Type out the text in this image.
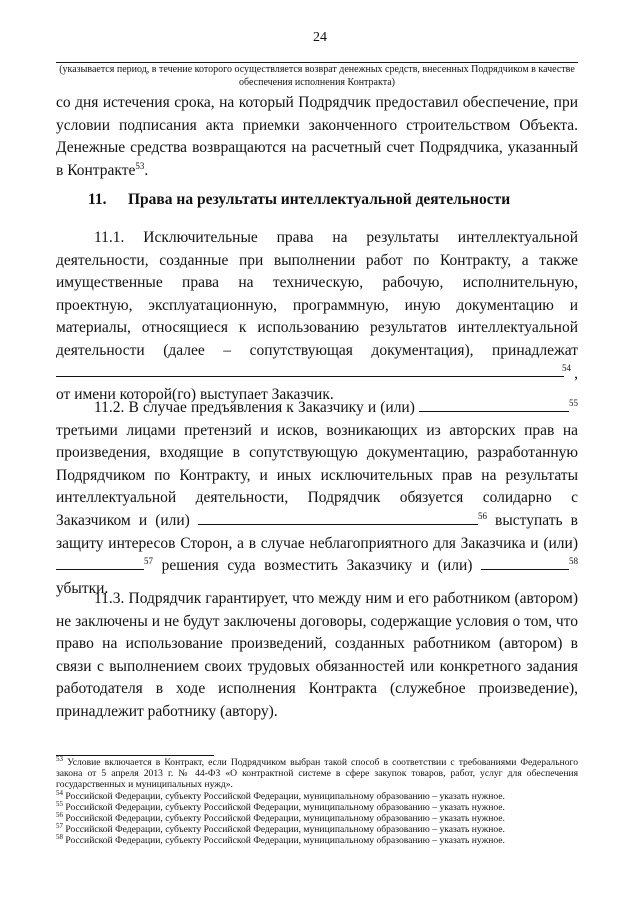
24
(указывается период, в течение которого осуществляется возврат денежных средств, внесенных Подрядчиком в качестве обеспечения исполнения Контракта)

со дня истечения срока, на который Подрядчик предоставил обеспечение, при условии подписания акта приемки законченного строительством Объекта. Денежные средства возвращаются на расчетный счет Подрядчика, указанный в Контракте$^{53}$.

11. Права на результаты интеллектуальной деятельности

11.1. Исключительные права на результаты интеллектуальной деятельности, созданные при выполнении работ по Контракту, а также имущественные права на техническую, рабочую, исполнительную, проектную, эксплуатационную, программную, иную документацию и материалы, относящиеся к использованию результатов интеллектуальной деятельности (далее – сопутствующая документация), принадлежат

54 ,

от имени которой(го) выступает Заказчик.

11.2. В случае предъявления к Заказчику и (или)	$^{55}$ третьими лицами претензий и исков, возникающих из авторских прав на произведения, входящие в сопутствующую документацию, разработанную Подрядчиком по Контракту, и иных исключительных прав на результаты интеллектуальной деятельности, Подрядчик обязуется солидарно с Заказчиком и (или)	$^{56}$ выступать в защиту интересов Сторон, а в случае неблагоприятного для Заказчика и (или) $^{57}$ решения суда возместить Заказчику и (или)	$^{58}$ убытки.

11.3. Подрядчик гарантирует, что между ним и его работником (автором) не заключены и не будут заключены договоры, содержащие условия о том, что право на использование произведений, созданных работником (автором) в связи с выполнением своих трудовых обязанностей или конкретного задания работодателя в ходе исполнения Контракта (служебное произведение), принадлежит работнику (автору).

$^{53}$ Условие включается в Контракт, если Подрядчиком выбран такой способ в соответствии с требованиями Федерального закона от 5 апреля 2013 г. № 44-ФЗ «О контрактной системе в сфере закупок товаров, работ, услуг для обеспечения государственных и муниципальных нужд».

$^{54}$ Российской Федерации, субъекту Российской Федерации, муниципальному образованию – указать нужное.

$^{55}$ Российской Федерации, субъекту Российской Федерации, муниципальному образованию – указать нужное.

$^{56}$ Российской Федерации, субъекту Российской Федерации, муниципальному образованию – указать нужное.

$^{57}$ Российской Федерации, субъекту Российской Федерации, муниципальному образованию – указать нужное.

$^{58}$ Российской Федерации, субъекту Российской Федерации, муниципальному образованию – указать нужное.
